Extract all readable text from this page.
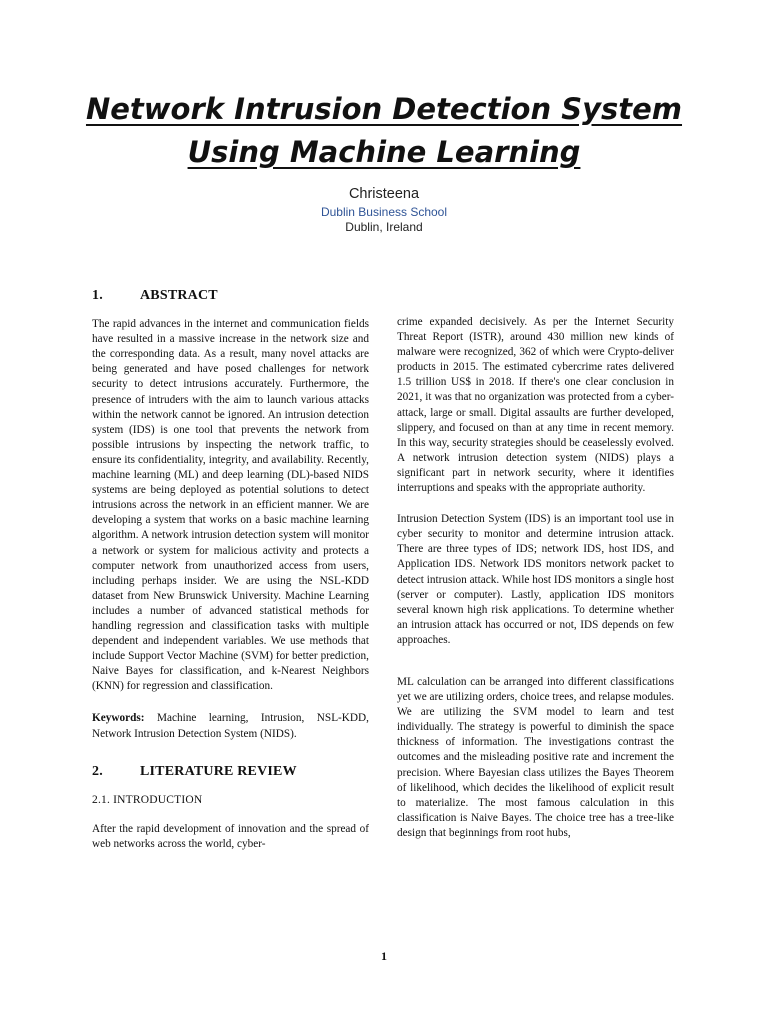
Network Intrusion Detection System
Using Machine Learning
Christeena
Dublin Business School
Dublin, Ireland
1.	ABSTRACT

The rapid advances in the internet and communication fields have resulted in a massive increase in the network size and the corresponding data. As a result, many novel attacks are being generated and have posed challenges for network security to detect intrusions accurately. Furthermore, the presence of intruders with the aim to launch various attacks within the network cannot be ignored. An intrusion detection system (IDS) is one tool that prevents the network from possible intrusions by inspecting the network traffic, to ensure its confidentiality, integrity, and availability. Recently, machine learning (ML) and deep learning (DL)-based NIDS systems are being deployed as potential solutions to detect intrusions across the network in an efficient manner. We are developing a system that works on a basic machine learning algorithm. A network intrusion detection system will monitor a network or system for malicious activity and protects a computer network from unauthorized access from users, including perhaps insider. We are using the NSL-KDD dataset from New Brunswick University. Machine Learning includes a number of advanced statistical methods for handling regression and classification tasks with multiple dependent and independent variables. We use methods that include Support Vector Machine (SVM) for better prediction, Naive Bayes for classification, and k-Nearest Neighbors (KNN) for regression and classification.

Keywords: Machine learning, Intrusion, NSL-KDD, Network Intrusion Detection System (NIDS).

2.	LITERATURE REVIEW

2.1. INTRODUCTION

After the rapid development of innovation and the spread of web networks across the world, cyber-

crime expanded decisively. As per the Internet Security Threat Report (ISTR), around 430 million new kinds of malware were recognized, 362 of which were Crypto-deliver products in 2015. The estimated cybercrime rates delivered 1.5 trillion US$ in 2018. If there's one clear conclusion in 2021, it was that no organization was protected from a cyber-attack, large or small. Digital assaults are further developed, slippery, and focused on than at any time in recent memory. In this way, security strategies should be ceaselessly evolved. A network intrusion detection system (NIDS) plays a significant part in network security, where it identifies interruptions and speaks with the appropriate authority.

Intrusion Detection System (IDS) is an important tool use in cyber security to monitor and determine intrusion attack. There are three types of IDS; network IDS, host IDS, and Application IDS. Network IDS monitors network packet to detect intrusion attack. While host IDS monitors a single host (server or computer). Lastly, application IDS monitors several known high risk applications. To determine whether an intrusion attack has occurred or not, IDS depends on few approaches.

ML calculation can be arranged into different classifications yet we are utilizing orders, choice trees, and relapse modules. We are utilizing the SVM model to learn and test individually. The strategy is powerful to diminish the space thickness of information. The investigations contrast the outcomes and the misleading positive rate and increment the precision. Where Bayesian class utilizes the Bayes Theorem of likelihood, which decides the likelihood of explicit result to materialize. The most famous calculation in this classification is Naive Bayes. The choice tree has a tree-like design that beginnings from root hubs,

1
